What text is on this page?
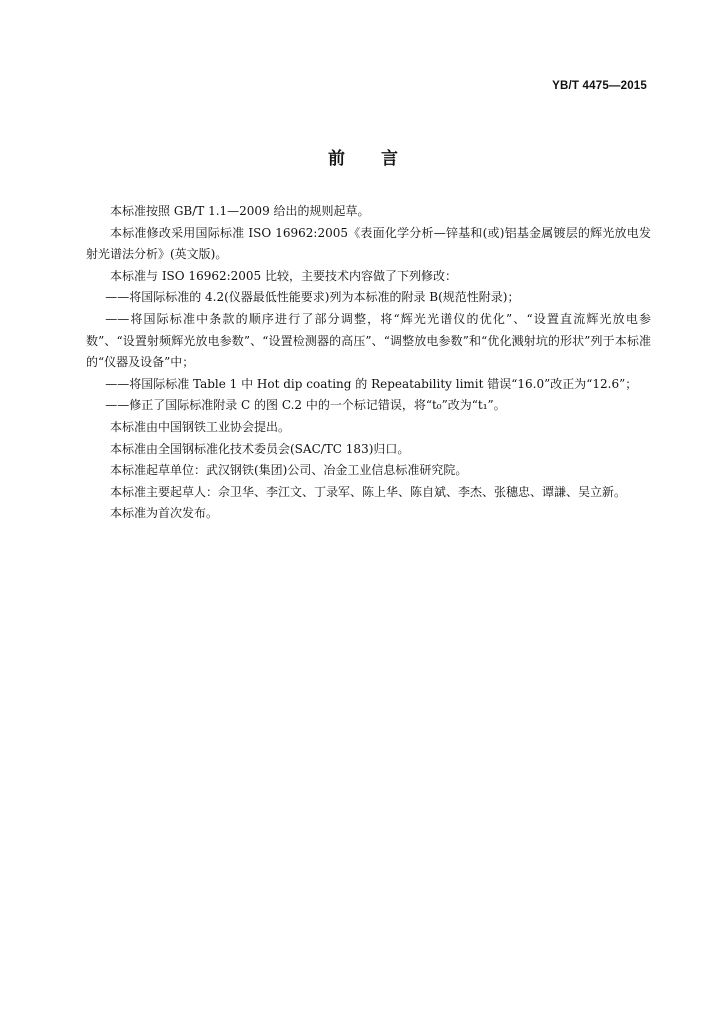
YB/T 4475—2015
前 言

本标准按照 GB/T 1.1—2009 给出的规则起草。

本标准修改采用国际标准 ISO 16962:2005《表面化学分析—锌基和(或)铝基金属镀层的辉光放电发射光谱法分析》(英文版)。

本标准与 ISO 16962:2005 比较，主要技术内容做了下列修改：

——将国际标准的 4.2(仪器最低性能要求)列为本标准的附录 B(规范性附录)；

——将国际标准中条款的顺序进行了部分调整，将“辉光光谱仪的优化”、“设置直流辉光放电参数”、“设置射频辉光放电参数”、“设置检测器的高压”、“调整放电参数”和“优化溅射坑的形状”列于本标准的“仪器及设备”中；

——将国际标准 Table 1 中 Hot dip coating 的 Repeatability limit 错误“16.0”改正为“12.6”；

——修正了国际标准附录 C 的图 C.2 中的一个标记错误，将“t₀”改为“t₁”。

本标准由中国钢铁工业协会提出。

本标准由全国钢标准化技术委员会(SAC/TC 183)归口。

本标准起草单位：武汉钢铁(集团)公司、冶金工业信息标准研究院。

本标准主要起草人：佘卫华、李江文、丁录军、陈上华、陈自斌、李杰、张穗忠、谭謙、吴立新。

本标准为首次发布。
